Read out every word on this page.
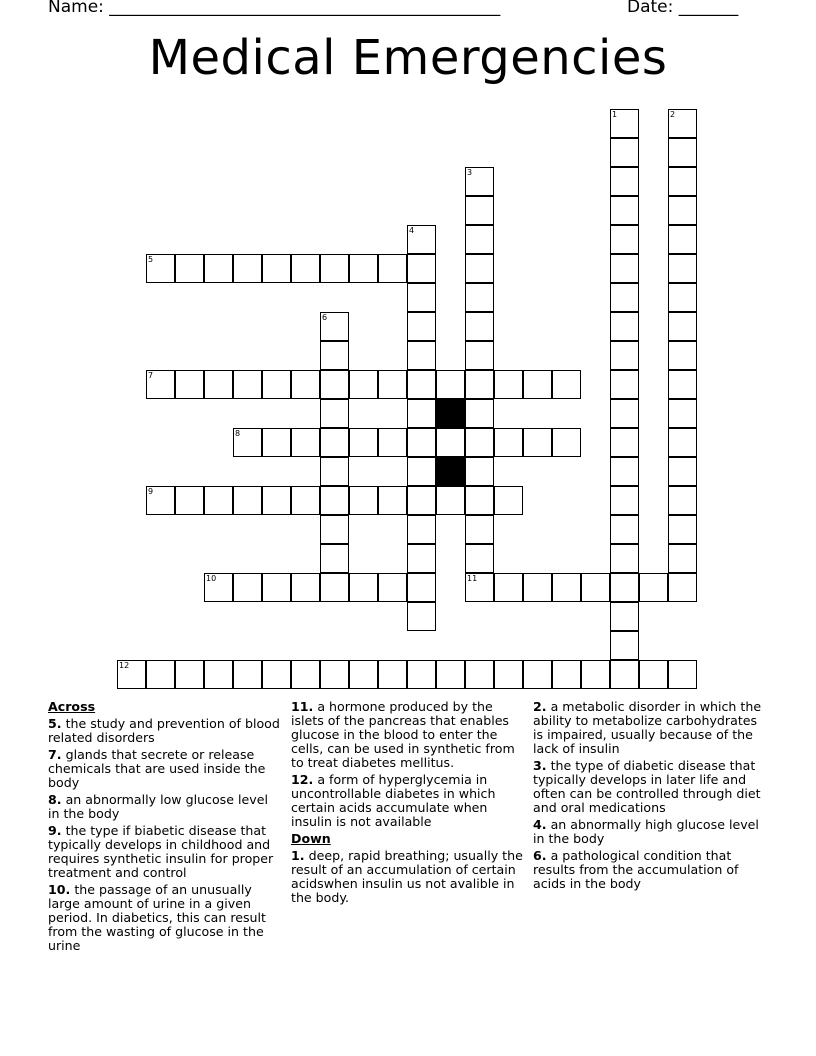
Name: ______________________________________________	Date: _______
Medical Emergencies
1	2
3
4
6
5
7
8
9
10	11
12
Across
5. the study and prevention of blood related disorders
7. glands that secrete or release chemicals that are used inside the body
8. an abnormally low glucose level in the body
9. the type if biabetic disease that typically develops in childhood and requires synthetic insulin for proper treatment and control
10. the passage of an unusually large amount of urine in a given period. In diabetics, this can result from the wasting of glucose in the urine
11. a hormone produced by the islets of the pancreas that enables glucose in the blood to enter the cells, can be used in synthetic from to treat diabetes mellitus.
12. a form of hyperglycemia in uncontrollable diabetes in which certain acids accumulate when insulin is not available
Down
1. deep, rapid breathing; usually the result of an accumulation of certain acidswhen insulin us not avalible in the body.
2. a metabolic disorder in which the ability to metabolize carbohydrates is impaired, usually because of the lack of insulin
3. the type of diabetic disease that typically develops in later life and often can be controlled through diet and oral medications
4. an abnormally high glucose level in the body
6. a pathological condition that results from the accumulation of acids in the body
